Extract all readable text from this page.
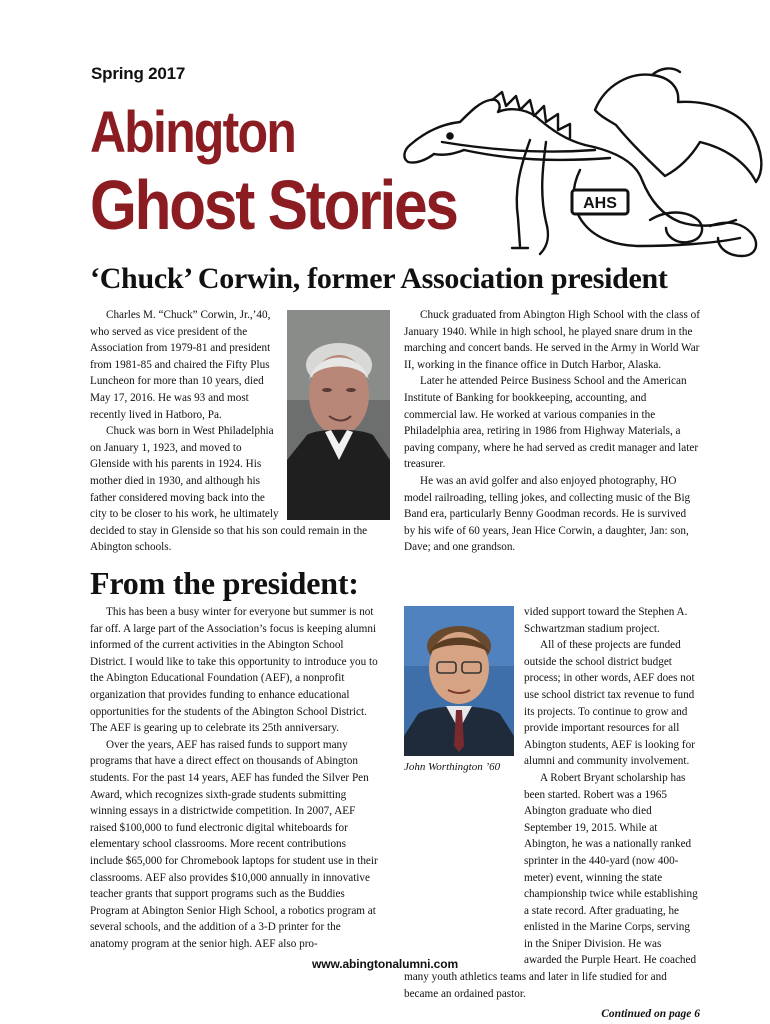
Spring 2017
Abington
Ghost Stories	AHS
‘Chuck’ Corwin, former Association president

Charles M. “Chuck” Corwin, Jr.,’40, who served as vice president of the Association from 1979-81 and president from 1981-85 and chaired the Fifty Plus Luncheon for more than 10 years, died May 17, 2016. He was 93 and most recently lived in Hatboro, Pa.

Chuck was born in West Philadelphia on January 1, 1923, and moved to Glenside with his parents in 1924. His mother died in 1930, and although his father considered moving back into the city to be closer to his work, he ultimately decided to stay in Glenside so that his son could remain in the Abington schools.

Chuck graduated from Abington High School with the class of January 1940. While in high school, he played snare drum in the marching and concert bands. He served in the Army in World War II, working in the finance office in Dutch Harbor, Alaska.

Later he attended Peirce Business School and the American Institute of Banking for bookkeeping, accounting, and commercial law. He worked at various companies in the Philadelphia area, retiring in 1986 from Highway Materials, a paving company, where he had served as credit manager and later treasurer.

He was an avid golfer and also enjoyed photography, HO model railroading, telling jokes, and collecting music of the Big Band era, particularly Benny Goodman records. He is survived by his wife of 60 years, Jean Hice Corwin, a daughter, Jan: son, Dave; and one grandson.

From the president:

This has been a busy winter for everyone but summer is not far off. A large part of the Association’s focus is keeping alumni informed of the current activities in the Abington School District. I would like to take this opportunity to introduce you to the Abington Educational Foundation (AEF), a nonprofit organization that provides funding to enhance educational opportunities for the students of the Abington School District. The AEF is gearing up to celebrate its 25th anniversary.

Over the years, AEF has raised funds to support many programs that have a direct effect on thousands of Abington students. For the past 14 years, AEF has funded the Silver Pen Award, which recognizes sixth-grade students submitting winning essays in a districtwide competition. In 2007, AEF raised $100,000 to fund electronic digital whiteboards for elementary school classrooms. More recent contributions include $65,000 for Chromebook laptops for student use in their classrooms. AEF also provides $10,000 annually in innovative teacher grants that support programs such as the Buddies Program at Abington Senior High School, a robotics program at several schools, and the addition of a 3-D printer for the anatomy program at the senior high. AEF also pro-

John Worthington ’60

vided support toward the Stephen A. Schwartzman stadium project.

All of these projects are funded outside the school district budget process; in other words, AEF does not use school district tax revenue to fund its projects. To continue to grow and provide important resources for all Abington students, AEF is looking for alumni and community involvement.

A Robert Bryant scholarship has been started. Robert was a 1965 Abington graduate who died September 19, 2015. While at Abington, he was a nationally ranked sprinter in the 440-yard (now 400-meter) event, winning the state championship twice while establishing a state record. After graduating, he enlisted in the Marine Corps, serving in the Sniper Division. He was awarded the Purple Heart. He coached many youth athletics teams and later in life studied for and became an ordained pastor.

Continued on page 6
www.abingtonalumni.com
